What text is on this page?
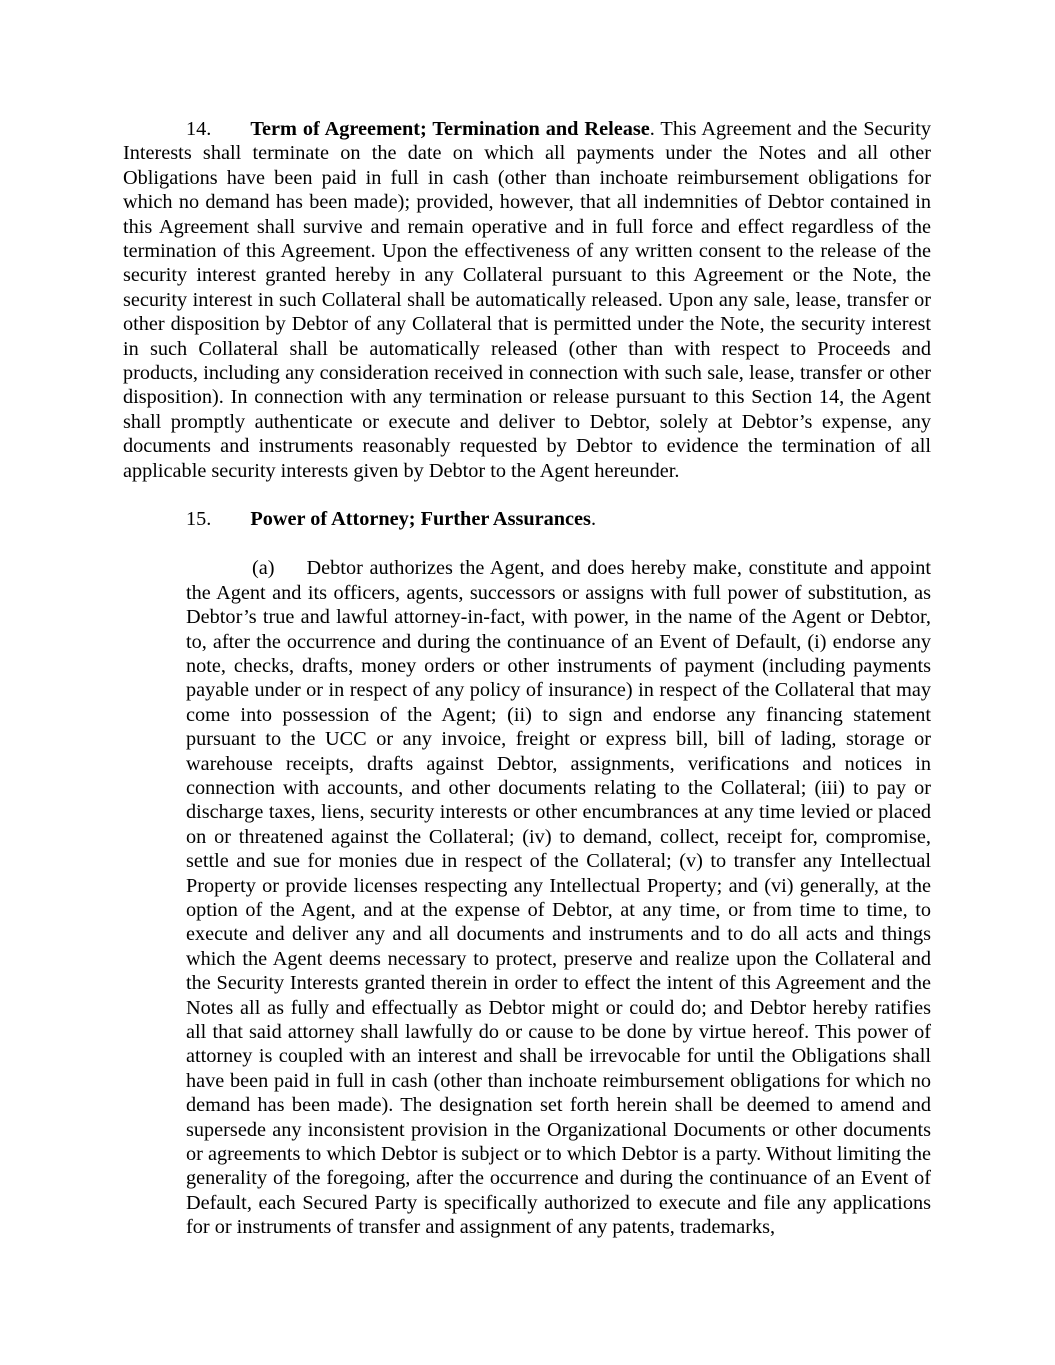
14. Term of Agreement; Termination and Release. This Agreement and the Security Interests shall terminate on the date on which all payments under the Notes and all other Obligations have been paid in full in cash (other than inchoate reimbursement obligations for which no demand has been made); provided, however, that all indemnities of Debtor contained in this Agreement shall survive and remain operative and in full force and effect regardless of the termination of this Agreement. Upon the effectiveness of any written consent to the release of the security interest granted hereby in any Collateral pursuant to this Agreement or the Note, the security interest in such Collateral shall be automatically released. Upon any sale, lease, transfer or other disposition by Debtor of any Collateral that is permitted under the Note, the security interest in such Collateral shall be automatically released (other than with respect to Proceeds and products, including any consideration received in connection with such sale, lease, transfer or other disposition). In connection with any termination or release pursuant to this Section 14, the Agent shall promptly authenticate or execute and deliver to Debtor, solely at Debtor’s expense, any documents and instruments reasonably requested by Debtor to evidence the termination of all applicable security interests given by Debtor to the Agent hereunder.

15. Power of Attorney; Further Assurances.

(a) Debtor authorizes the Agent, and does hereby make, constitute and appoint the Agent and its officers, agents, successors or assigns with full power of substitution, as Debtor’s true and lawful attorney-in-fact, with power, in the name of the Agent or Debtor, to, after the occurrence and during the continuance of an Event of Default, (i) endorse any note, checks, drafts, money orders or other instruments of payment (including payments payable under or in respect of any policy of insurance) in respect of the Collateral that may come into possession of the Agent; (ii) to sign and endorse any financing statement pursuant to the UCC or any invoice, freight or express bill, bill of lading, storage or warehouse receipts, drafts against Debtor, assignments, verifications and notices in connection with accounts, and other documents relating to the Collateral; (iii) to pay or discharge taxes, liens, security interests or other encumbrances at any time levied or placed on or threatened against the Collateral; (iv) to demand, collect, receipt for, compromise, settle and sue for monies due in respect of the Collateral; (v) to transfer any Intellectual Property or provide licenses respecting any Intellectual Property; and (vi) generally, at the option of the Agent, and at the expense of Debtor, at any time, or from time to time, to execute and deliver any and all documents and instruments and to do all acts and things which the Agent deems necessary to protect, preserve and realize upon the Collateral and the Security Interests granted therein in order to effect the intent of this Agreement and the Notes all as fully and effectually as Debtor might or could do; and Debtor hereby ratifies all that said attorney shall lawfully do or cause to be done by virtue hereof. This power of attorney is coupled with an interest and shall be irrevocable for until the Obligations shall have been paid in full in cash (other than inchoate reimbursement obligations for which no demand has been made). The designation set forth herein shall be deemed to amend and supersede any inconsistent provision in the Organizational Documents or other documents or agreements to which Debtor is subject or to which Debtor is a party. Without limiting the generality of the foregoing, after the occurrence and during the continuance of an Event of Default, each Secured Party is specifically authorized to execute and file any applications for or instruments of transfer and assignment of any patents, trademarks,
